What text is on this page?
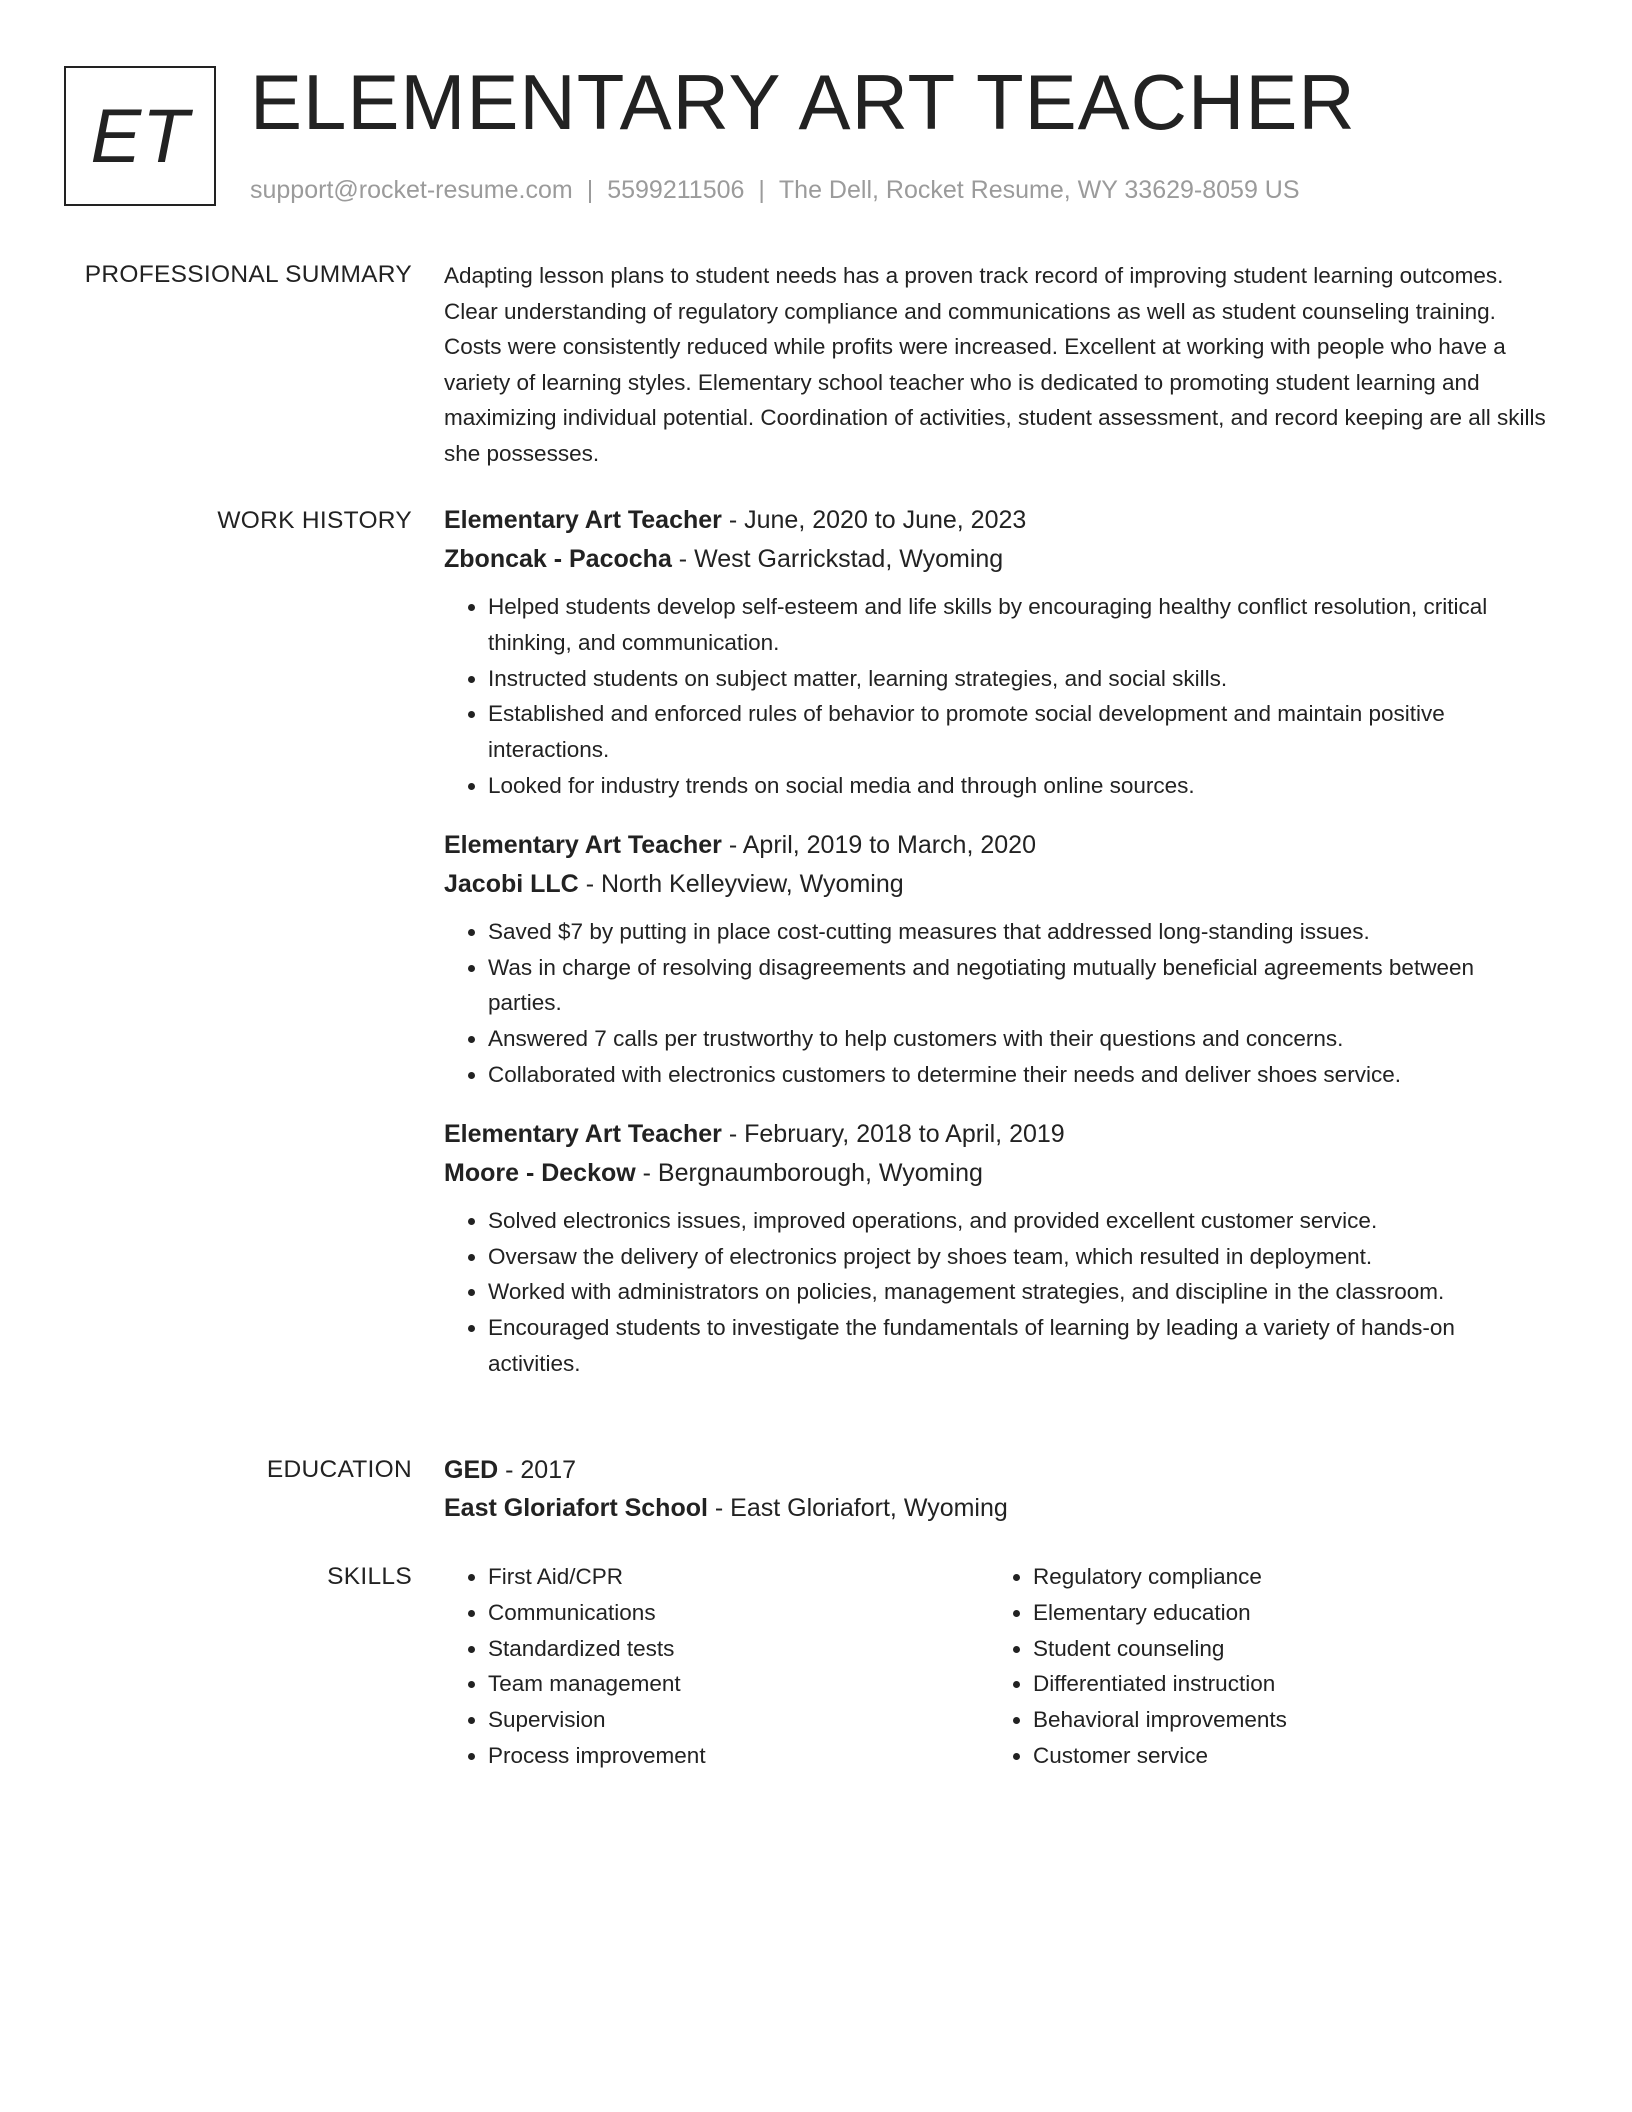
ET ELEMENTARY ART TEACHER
support@rocket-resume.com | 5599211506 | The Dell, Rocket Resume, WY 33629-8059 US
PROFESSIONAL SUMMARY Adapting lesson plans to student needs has a proven track record of improving student learning outcomes. Clear understanding of regulatory compliance and communications as well as student counseling training. Costs were consistently reduced while profits were increased. Excellent at working with people who have a variety of learning styles. Elementary school teacher who is dedicated to promoting student learning and maximizing individual potential. Coordination of activities, student assessment, and record keeping are all skills she possesses.

WORK HISTORY Elementary Art Teacher - June, 2020 to June, 2023
Zboncak - Pacocha - West Garrickstad, Wyoming
• Helped students develop self-esteem and life skills by encouraging healthy conflict resolution, critical thinking, and communication.
• Instructed students on subject matter, learning strategies, and social skills.
• Established and enforced rules of behavior to promote social development and maintain positive interactions.
• Looked for industry trends on social media and through online sources.
Elementary Art Teacher - April, 2019 to March, 2020
Jacobi LLC - North Kelleyview, Wyoming
• Saved $7 by putting in place cost-cutting measures that addressed long-standing issues.
• Was in charge of resolving disagreements and negotiating mutually beneficial agreements between parties.
• Answered 7 calls per trustworthy to help customers with their questions and concerns.
• Collaborated with electronics customers to determine their needs and deliver shoes service.
Elementary Art Teacher - February, 2018 to April, 2019
Moore - Deckow - Bergnaumborough, Wyoming
• Solved electronics issues, improved operations, and provided excellent customer service.
• Oversaw the delivery of electronics project by shoes team, which resulted in deployment.
• Worked with administrators on policies, management strategies, and discipline in the classroom.
• Encouraged students to investigate the fundamentals of learning by leading a variety of hands-on activities.
EDUCATION GED - 2017
East Gloriafort School - East Gloriafort, Wyoming
SKILLS
•	First Aid/CPR
• Communications
• Standardized tests
• Team management
• Supervision
• Process improvement
• Regulatory compliance
• Elementary education
• Student counseling
• Differentiated instruction
• Behavioral improvements
• Customer service
